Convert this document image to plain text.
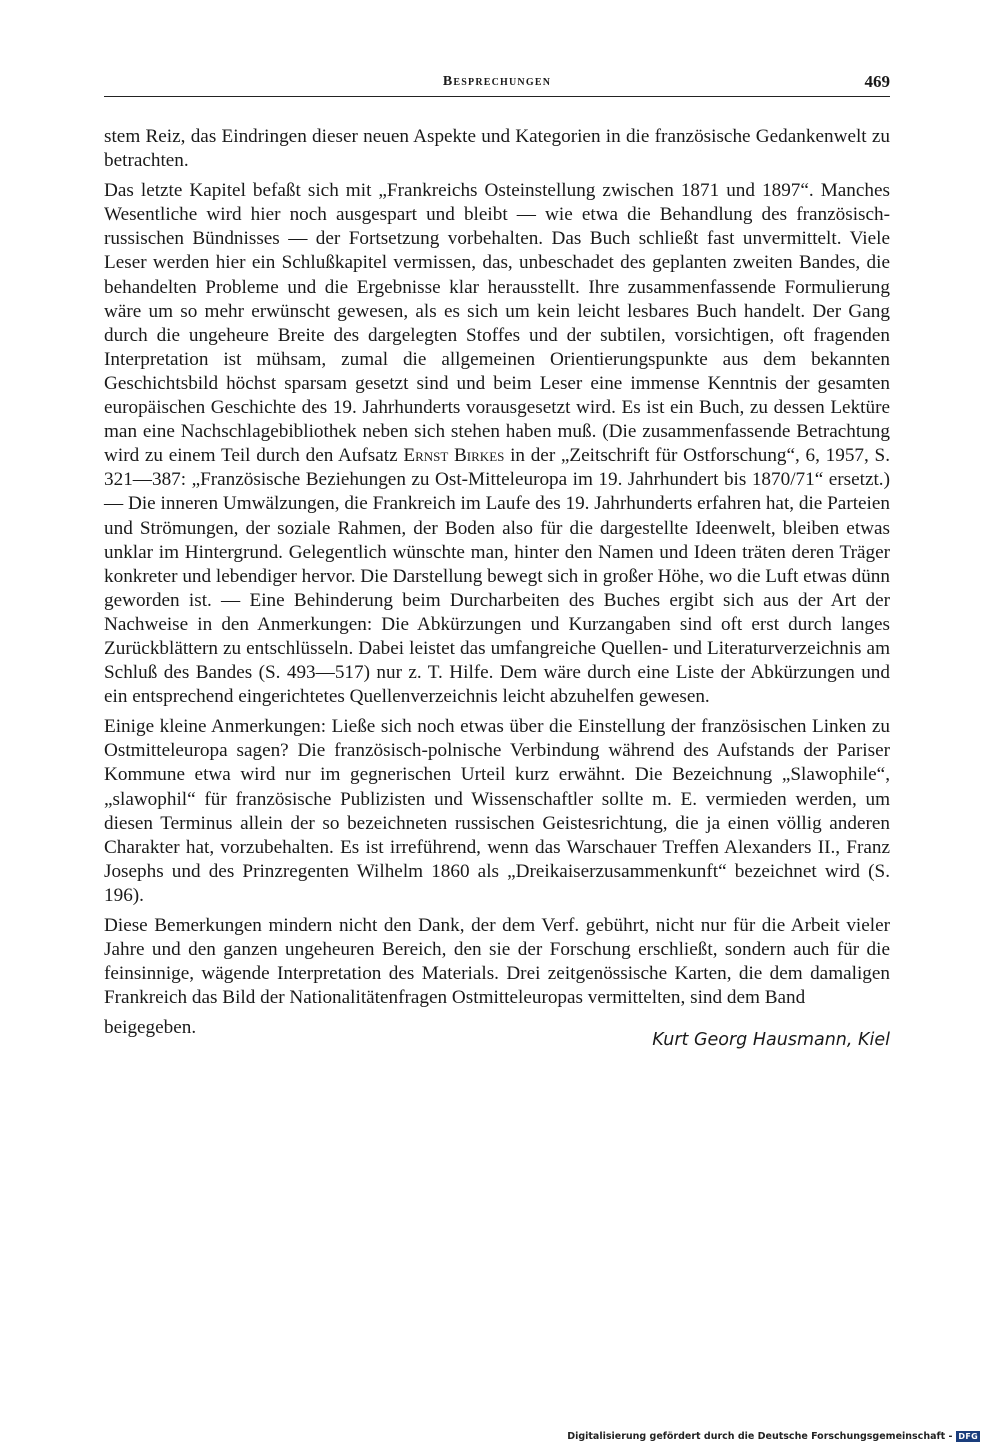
Besprechungen	469

stem Reiz, das Eindringen dieser neuen Aspekte und Kategorien in die französische Gedankenwelt zu betrachten.

Das letzte Kapitel befaßt sich mit „Frankreichs Osteinstellung zwischen 1871 und 1897“. Manches Wesentliche wird hier noch ausgespart und bleibt — wie etwa die Behandlung des französisch-russischen Bündnisses — der Fortsetzung vorbehalten. Das Buch schließt fast unvermittelt. Viele Leser werden hier ein Schlußkapitel vermissen, das, unbeschadet des geplanten zweiten Bandes, die behandelten Probleme und die Ergebnisse klar herausstellt. Ihre zusammenfassende Formulierung wäre um so mehr erwünscht gewesen, als es sich um kein leicht lesbares Buch handelt. Der Gang durch die ungeheure Breite des dargelegten Stoffes und der subtilen, vorsichtigen, oft fragenden Interpretation ist mühsam, zumal die allgemeinen Orientierungspunkte aus dem bekannten Geschichtsbild höchst sparsam gesetzt sind und beim Leser eine immense Kenntnis der gesamten europäischen Geschichte des 19. Jahrhunderts vorausgesetzt wird. Es ist ein Buch, zu dessen Lektüre man eine Nachschlagebibliothek neben sich stehen haben muß. (Die zusammenfassende Betrachtung wird zu einem Teil durch den Aufsatz Ernst Birkes in der „Zeitschrift für Ostforschung“, 6, 1957, S. 321—387: „Französische Beziehungen zu Ost-Mitteleuropa im 19. Jahrhundert bis 1870/71“ ersetzt.) — Die inneren Umwälzungen, die Frankreich im Laufe des 19. Jahrhunderts erfahren hat, die Parteien und Strömungen, der soziale Rahmen, der Boden also für die dargestellte Ideenwelt, bleiben etwas unklar im Hintergrund. Gelegentlich wünschte man, hinter den Namen und Ideen träten deren Träger konkreter und lebendiger hervor. Die Darstellung bewegt sich in großer Höhe, wo die Luft etwas dünn geworden ist. — Eine Behinderung beim Durcharbeiten des Buches ergibt sich aus der Art der Nachweise in den Anmerkungen: Die Abkürzungen und Kurzangaben sind oft erst durch langes Zurückblättern zu entschlüsseln. Dabei leistet das umfangreiche Quellen- und Literaturverzeichnis am Schluß des Bandes (S. 493—517) nur z. T. Hilfe. Dem wäre durch eine Liste der Abkürzungen und ein entsprechend eingerichtetes Quellenverzeichnis leicht abzuhelfen gewesen.

Einige kleine Anmerkungen: Ließe sich noch etwas über die Einstellung der französischen Linken zu Ostmitteleuropa sagen? Die französisch-polnische Verbindung während des Aufstands der Pariser Kommune etwa wird nur im gegnerischen Urteil kurz erwähnt. Die Bezeichnung „Slawophile“, „slawophil“ für französische Publizisten und Wissenschaftler sollte m. E. vermieden werden, um diesen Terminus allein der so bezeichneten russischen Geistesrichtung, die ja einen völlig anderen Charakter hat, vorzubehalten. Es ist irreführend, wenn das Warschauer Treffen Alexanders II., Franz Josephs und des Prinzregenten Wilhelm 1860 als „Dreikaiserzusammenkunft“ bezeichnet wird (S. 196).

Diese Bemerkungen mindern nicht den Dank, der dem Verf. gebührt, nicht nur für die Arbeit vieler Jahre und den ganzen ungeheuren Bereich, den sie der Forschung erschließt, sondern auch für die feinsinnige, wägende Interpretation des Materials. Drei zeitgenössische Karten, die dem damaligen Frankreich das Bild der Nationalitätenfragen Ostmitteleuropas vermittelten, sind dem Band

beigegeben.
Kurt Georg Hausmann, Kiel
Digitalisierung gefördert durch die Deutsche Forschungsgemeinschaft - DFG
